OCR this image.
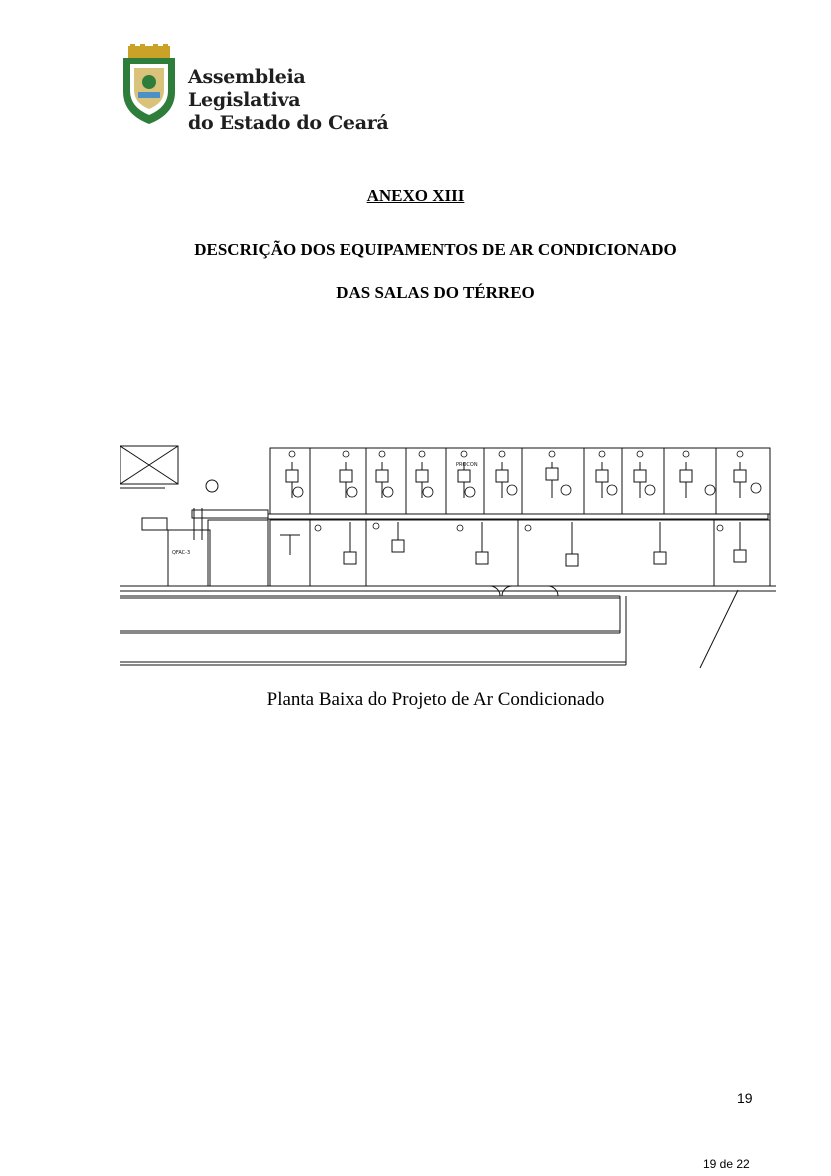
Assembleia Legislativa
do Estado do Ceará
ANEXO XIII
DESCRIÇÃO DOS EQUIPAMENTOS DE AR CONDICIONADO
DAS SALAS DO TÉRREO
PROCON
QFAC-3
Planta Baixa do Projeto de Ar Condicionado
19
19 de 22
